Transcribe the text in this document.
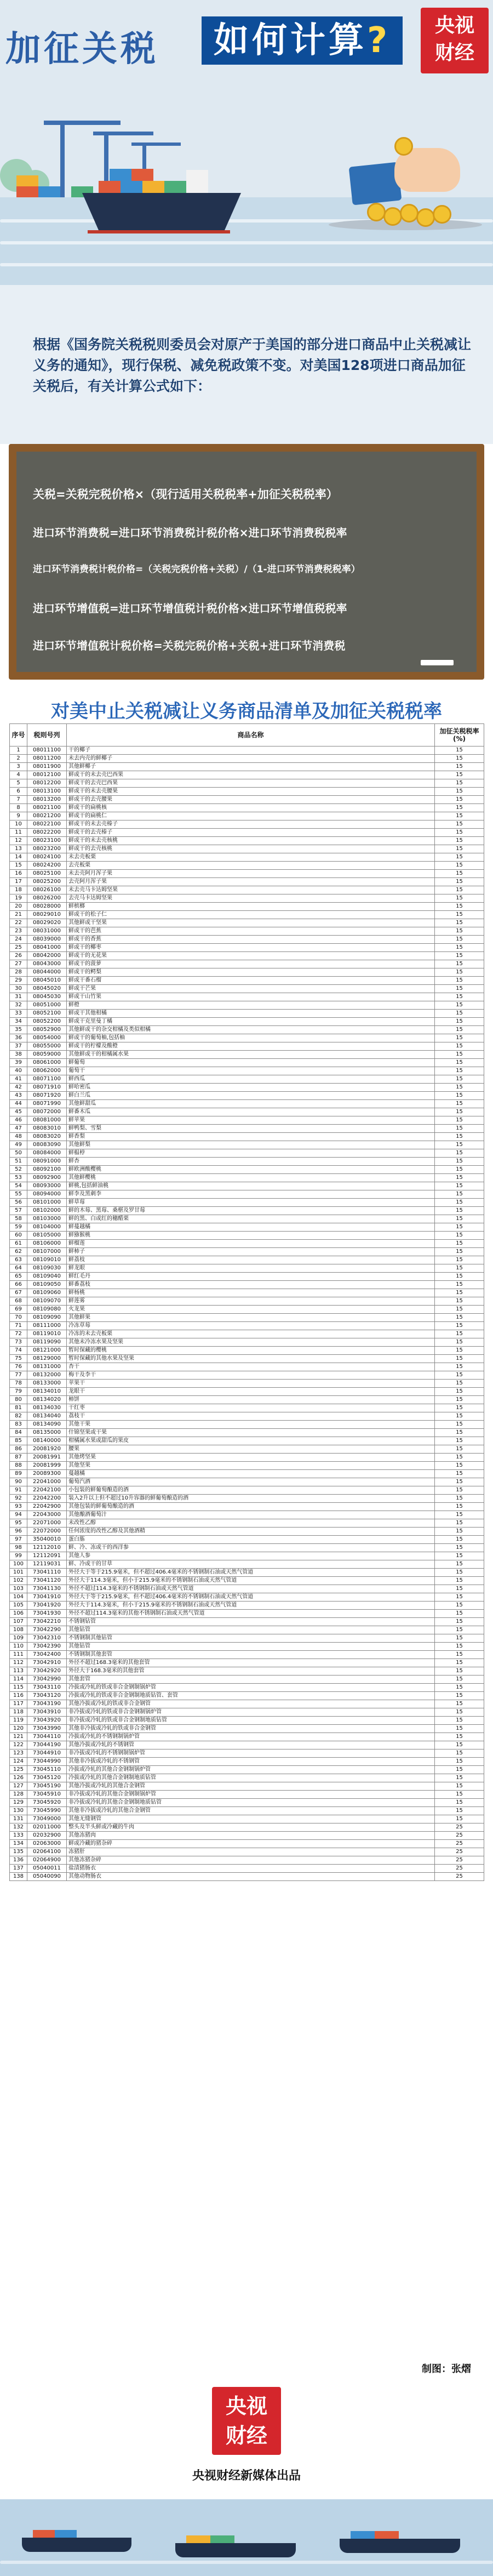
加征关税	如何计算?	央视
财经

根据《国务院关税税则委员会对原产于美国的部分进口商品中止关税减让义务的通知》，现行保税、减免税政策不变。对美国128项进口商品加征关税后，有关计算公式如下：

关税=关税完税价格×（现行适用关税税率+加征关税税率）
进口环节消费税=进口环节消费税计税价格×进口环节消费税税率
进口环节消费税计税价格=（关税完税价格+关税）/（1-进口环节消费税税率）
进口环节增值税=进口环节增值税计税价格×进口环节增值税税率
进口环节增值税计税价格=关税完税价格+关税+进口环节消费税
对美中止关税减让义务商品清单及加征关税税率
序号	税则号列	商品名称	加征关税税率(%)
1	08011100	干的椰子	15
2	08011200	未去内壳的鲜椰子	15
3	08011900	其他鲜椰子	15
4	08012100	鲜或干的未去壳巴西果	15
5	08012200	鲜或干的去壳巴西果	15
6	08013100	鲜或干的未去壳腰果	15
7	08013200	鲜或干的去壳腰果	15
8	08021100	鲜或干的扁桃核	15
9	08021200	鲜或干的扁桃仁	15
10	08022100	鲜或干的未去壳榛子	15
11	08022200	鲜或干的去壳榛子	15
12	08023100	鲜或干的未去壳核桃	15
13	08023200	鲜或干的去壳核桃	15
14	08024100	未去壳板栗	15
15	08024200	去壳板栗	15
16	08025100	未去壳阿月浑子果	15
17	08025200	去壳阿月浑子果	15
18	08026100	未去壳马卡达姆坚果	15
19	08026200	去壳马卡达姆坚果	15
20	08028000	鲜槟榔	15
21	08029010	鲜或干的松子仁	15
22	08029020	其他鲜或干坚果	15
23	08031000	鲜或干的芭蕉	15
24	08039000	鲜或干的香蕉	15
25	08041000	鲜或干的椰枣	15
26	08042000	鲜或干的无花果	15
27	08043000	鲜或干的菠萝	15
28	08044000	鲜或干的鳄梨	15
29	08045010	鲜或干番石榴	15
30	08045020	鲜或干芒果	15
31	08045030	鲜或干山竹果	15
32	08051000	鲜橙	15
33	08052100	鲜或干其他柑橘	15
34	08052200	鲜或干克里曼丁橘	15
35	08052900	其他鲜或干的杂交柑橘及类似柑橘	15
36	08054000	鲜或干的葡萄柚,包括柚	15
37	08055000	鲜或干的柠檬及酸橙	15
38	08059000	其他鲜或干的柑橘属水果	15
39	08061000	鲜葡萄	15
40	08062000	葡萄干	15
41	08071100	鲜西瓜	15
42	08071910	鲜哈密瓜	15
43	08071920	鲜白兰瓜	15
44	08071990	其他鲜甜瓜	15
45	08072000	鲜番木瓜	15
46	08081000	鲜苹果	15
47	08083010	鲜鸭梨、雪梨	15
48	08083020	鲜香梨	15
49	08083090	其他鲜梨	15
50	08084000	鲜榅桲	15
51	08091000	鲜杏	15
52	08092100	鲜欧洲酸樱桃	15
53	08092900	其他鲜樱桃	15
54	08093000	鲜桃,包括鲜油桃	15
55	08094000	鲜李及黑刺李	15
56	08101000	鲜草莓	15
57	08102000	鲜的木莓、黑莓、桑椹及罗甘莓	15
58	08103000	鲜的黑、白或红的穗醋栗	15
59	08104000	鲜蔓越橘	15
60	08105000	鲜猕猴桃	15
61	08106000	鲜榴莲	15
62	08107000	鲜柿子	15
63	08109010	鲜荔枝	15
64	08109030	鲜龙眼	15
65	08109040	鲜红毛丹	15
66	08109050	鲜番荔枝	15
67	08109060	鲜杨桃	15
68	08109070	鲜莲雾	15
69	08109080	火龙果	15
70	08109090	其他鲜果	15
71	08111000	冷冻草莓	15
72	08119010	冷冻的未去壳板栗	15
73	08119090	其他未冷冻水果及坚果	15
74	08121000	暂时保藏的樱桃	15
75	08129000	暂时保藏的其他水果及坚果	15
76	08131000	杏干	15
77	08132000	梅干及李干	15
78	08133000	苹果干	15
79	08134010	龙眼干	15
80	08134020	柿饼	15
81	08134030	干红枣	15
82	08134040	荔枝干	15
83	08134090	其他干果	15
84	08135000	什锦坚果或干果	15
85	08140000	柑橘属水果或甜瓜的果皮	15
86	20081920	腰果	15
87	20081991	其他烤坚果	15
88	20081999	其他坚果	15
89	20089300	蔓越橘	15
90	22041000	葡萄汽酒	15
91	22042100	小包装的鲜葡萄酿造的酒	15
92	22042200	装入2升以上但不超过10升容器的鲜葡萄酿造的酒	15
93	22042900	其他包装的鲜葡萄酿造的酒	15
94	22043000	其他酿酒葡萄汁	15
95	22071000	未改性乙醇	15
96	22072000	任何浓度的改性乙醇及其他酒精	15
97	35040010	蛋白胨	15
98	12112010	鲜、冷、冻或干的西洋参	15
99	12112091	其他人参	15
100	12119031	鲜、冷或干的甘草	15
101	73041110	外径大于等于215.9毫米，但不超过406.4毫米的不锈钢制石油或天然气管道	15
102	73041120	外径大于114.3毫米，但小于215.9毫米的不锈钢制石油或天然气管道	15
103	73041130	外径不超过114.3毫米的不锈钢制石油或天然气管道	15
104	73041910	外径大于等于215.9毫米，但不超过406.4毫米的不锈钢制石油或天然气管道	15
105	73041920	外径大于114.3毫米，但小于215.9毫米的不锈钢制石油或天然气管道	15
106	73041930	外径不超过114.3毫米的其他不锈钢制石油或天然气管道	15
107	73042210	不锈钢钻管	15
108	73042290	其他钻管	15
109	73042310	不锈钢制其他钻管	15
110	73042390	其他钻管	15
111	73042400	不锈钢制其他套管	15
112	73042910	外径不超过168.3毫米的其他套管	15
113	73042920	外径大于168.3毫米的其他套管	15
114	73042990	其他套管	15
115	73043110	冷拔或冷轧的铁或非合金钢制锅炉管	15
116	73043120	冷拔或冷轧的铁或非合金钢制地质钻管、套管	15
117	73043190	其他冷拔或冷轧的铁或非合金钢管	15
118	73043910	非冷拔或冷轧的铁或非合金钢制锅炉管	15
119	73043920	非冷拔或冷轧的铁或非合金钢制地质钻管	15
120	73043990	其他非冷拔或冷轧的铁或非合金钢管	15
121	73044110	冷拔或冷轧的不锈钢制锅炉管	15
122	73044190	其他冷拔或冷轧的不锈钢管	15
123	73044910	非冷拔或冷轧的不锈钢制锅炉管	15
124	73044990	其他非冷拔或冷轧的不锈钢管	15
125	73045110	冷拔或冷轧的其他合金钢制锅炉管	15
126	73045120	冷拔或冷轧的其他合金钢制地质钻管	15
127	73045190	其他冷拔或冷轧的其他合金钢管	15
128	73045910	非冷拔或冷轧的其他合金钢制锅炉管	15
129	73045920	非冷拔或冷轧的其他合金钢制地质钻管	15
130	73045990	其他非冷拔或冷轧的其他合金钢管	15
131	73049000	其他无缝钢管	15
132	02011000	整头及半头鲜或冷藏的牛肉	25
133	02032900	其他冻猪肉	25
134	02063000	鲜或冷藏的猪杂碎	25
135	02064100	冻猪肝	25
136	02064900	其他冻猪杂碎	25
137	05040011	盐渍猪肠衣	25
138	05040090	其他动物肠衣	25
制图：张熠
央视
财经
央视财经新媒体出品
